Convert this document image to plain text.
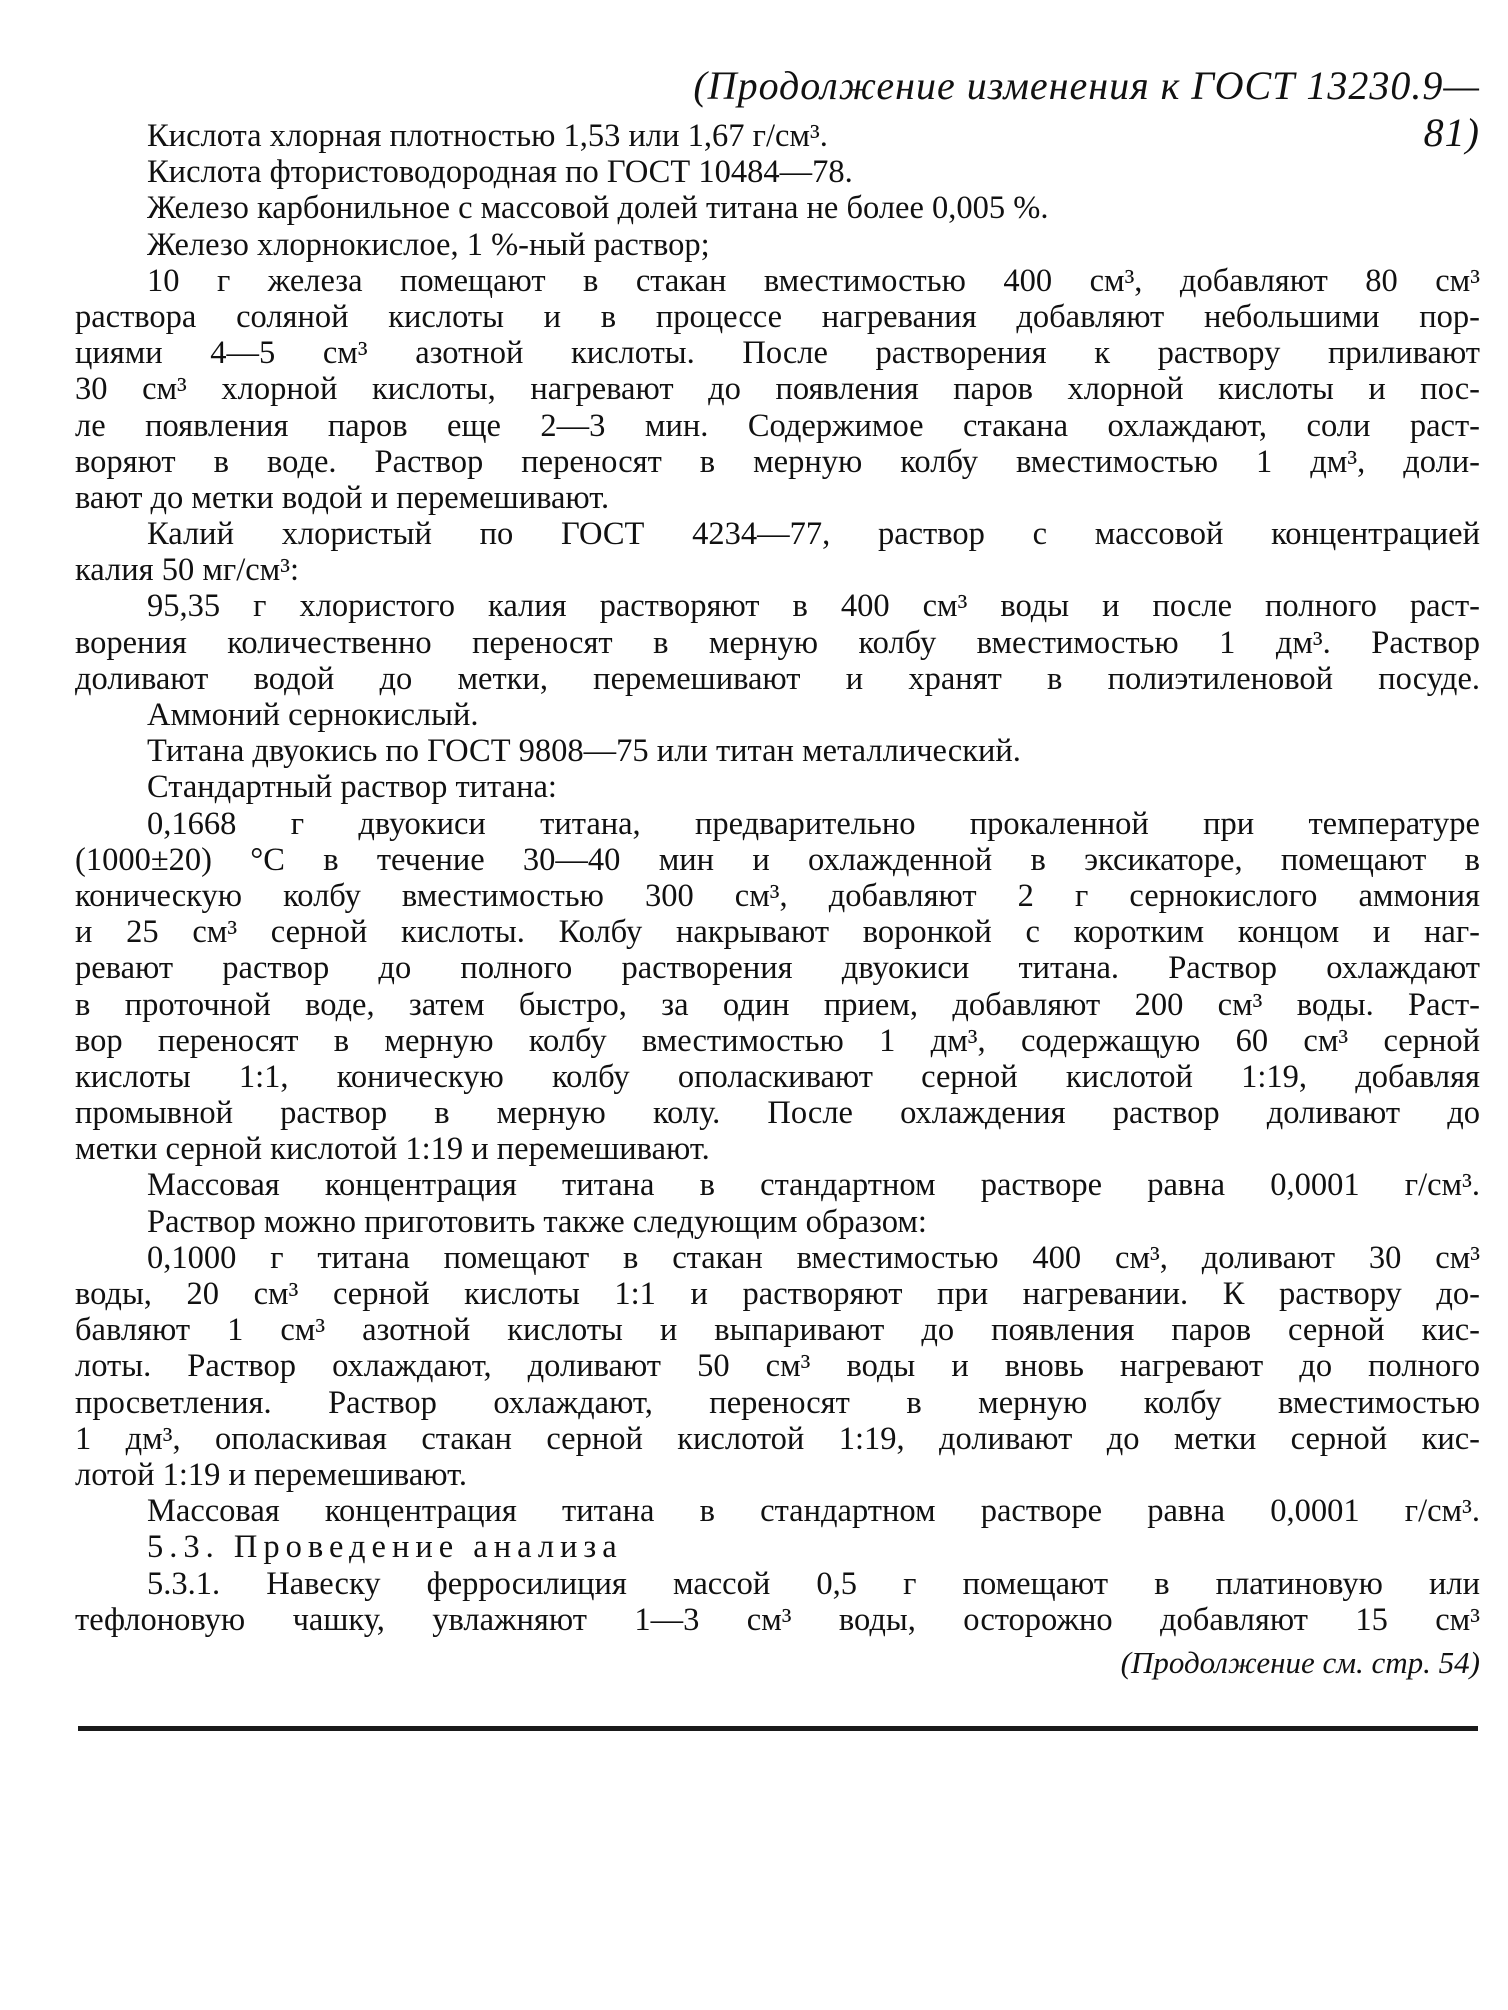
(Продолжение изменения к ГОСТ 13230.9—81)
Кислота хлорная плотностью 1,53 или 1,67 г/см³.
Кислота фтористоводородная по ГОСТ 10484—78.
Железо карбонильное с массовой долей титана не более 0,005 %.
Железо хлорнокислое, 1 %-ный раствор;
10 г железа помещают в стакан вместимостью 400 см³, добавляют 80 см³
раствора соляной кислоты и в процессе нагревания добавляют небольшими пор-
циями 4—5 см³ азотной кислоты. После растворения к раствору приливают
30 см³ хлорной кислоты, нагревают до появления паров хлорной кислоты и пос-
ле появления паров еще 2—3 мин. Содержимое стакана охлаждают, соли раст-
воряют в воде. Раствор переносят в мерную колбу вместимостью 1 дм³, доли-
вают до метки водой и перемешивают.
Калий хлористый по ГОСТ 4234—77, раствор с массовой концентрацией
калия 50 мг/см³:
95,35 г хлористого калия растворяют в 400 см³ воды и после полного раст-
ворения количественно переносят в мерную колбу вместимостью 1 дм³. Раствор
доливают водой до метки, перемешивают и хранят в полиэтиленовой посуде.
Аммоний сернокислый.
Титана двуокись по ГОСТ 9808—75 или титан металлический.
Стандартный раствор титана:
0,1668 г двуокиси титана, предварительно прокаленной при температуре
(1000±20) °С в течение 30—40 мин и охлажденной в эксикаторе, помещают в
коническую колбу вместимостью 300 см³, добавляют 2 г сернокислого аммония
и 25 см³ серной кислоты. Колбу накрывают воронкой с коротким концом и наг-
ревают раствор до полного растворения двуокиси титана. Раствор охлаждают
в проточной воде, затем быстро, за один прием, добавляют 200 см³ воды. Раст-
вор переносят в мерную колбу вместимостью 1 дм³, содержащую 60 см³ серной
кислоты 1:1, коническую колбу ополаскивают серной кислотой 1:19, добавляя
промывной раствор в мерную колу. После охлаждения раствор доливают до
метки серной кислотой 1:19 и перемешивают.
Массовая концентрация титана в стандартном растворе равна 0,0001 г/см³.
Раствор можно приготовить также следующим образом:
0,1000 г титана помещают в стакан вместимостью 400 см³, доливают 30 см³
воды, 20 см³ серной кислоты 1:1 и растворяют при нагревании. К раствору до-
бавляют 1 см³ азотной кислоты и выпаривают до появления паров серной кис-
лоты. Раствор охлаждают, доливают 50 см³ воды и вновь нагревают до полного
просветления. Раствор охлаждают, переносят в мерную колбу вместимостью
1 дм³, ополаскивая стакан серной кислотой 1:19, доливают до метки серной кис-
лотой 1:19 и перемешивают.
Массовая концентрация титана в стандартном растворе равна 0,0001 г/см³.
5.3. Проведение анализа
5.3.1. Навеску ферросилиция массой 0,5 г помещают в платиновую или
тефлоновую чашку, увлажняют 1—3 см³ воды, осторожно добавляют 15 см³
(Продолжение см. стр. 54)
